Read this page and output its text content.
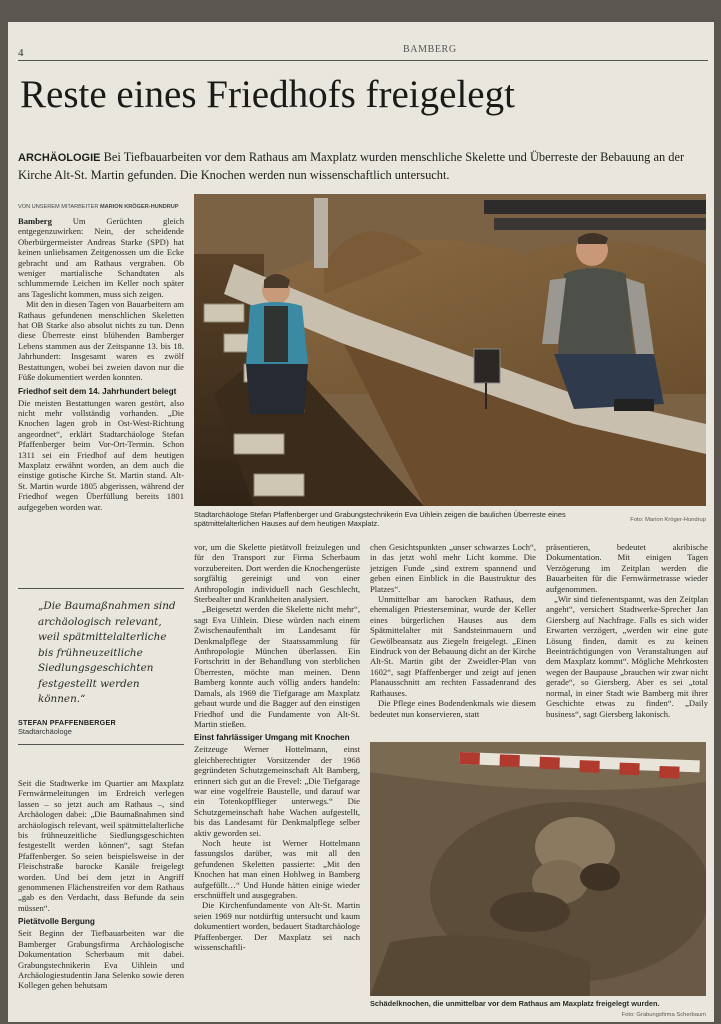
4	BAMBERG
Reste eines Friedhofs freigelegt

ARCHÄOLOGIE Bei Tiefbauarbeiten vor dem Rathaus am Maxplatz wurden menschliche Skelette und Überreste der Bebauung an der Kirche Alt-St. Martin gefunden. Die Knochen werden nun wissenschaftlich untersucht.

VON UNSEREM MITARBEITER MARION KRÖGER-HUNDRUP

Bamberg Um Gerüchten gleich entgegenzuwirken: Nein, der scheidende Oberbürgermeister Andreas Starke (SPD) hat keinen unliebsamen Zeitgenossen um die Ecke gebracht und am Rathaus vergraben. Ob weniger martialische Schandtaten als schlummernde Leichen im Keller noch später ans Tageslicht kommen, muss sich zeigen.

Mit den in diesen Tagen von Bauarbeitern am Rathaus gefundenen menschlichen Skeletten hat OB Starke also absolut nichts zu tun. Denn diese Überreste einst blühenden Bamberger Lebens stammen aus der Zeitspanne 13. bis 18. Jahrhundert: Insgesamt waren es zwölf Bestattungen, wobei bei zweien davon nur die Füße dokumentiert werden konnten.

Friedhof seit dem 14. Jahrhundert belegt

Die meisten Bestattungen waren gestört, also nicht mehr vollständig vorhanden. „Die Knochen lagen grob in Ost-West-Richtung angeordnet“, erklärt Stadtarchäologe Stefan Pfaffenberger beim Vor-Ort-Termin. Schon 1311 sei ein Friedhof auf dem heutigen Maxplatz erwähnt worden, an dem auch die einstige gotische Kirche St. Martin stand. Alt-St. Martin wurde 1805 abgerissen, während der Friedhof wegen Überfüllung bereits 1801 aufgegeben worden war.

Stadtarchäologe Stefan Pfaffenberger und Grabungstechnikerin Eva Uihlein zeigen die baulichen Überreste eines spätmittelalterlichen Hauses auf dem heutigen Maxplatz.	Foto: Marion Kröger-Hundrup

„Die Baumaßnahmen sind archäologisch relevant, weil spätmittelalterliche bis frühneuzeitliche Siedlungsgeschichten festgestellt werden können.“

STEFAN PFAFFENBERGER
Stadtarchäologe

Seit die Stadtwerke im Quartier am Maxplatz Fernwärmeleitungen im Erdreich verlegen lassen – so jetzt auch am Rathaus –, sind Archäologen dabei: „Die Baumaßnahmen sind archäologisch relevant, weil spätmittelalterliche bis frühneuzeitliche Siedlungsgeschichten festgestellt werden können“, sagt Stefan Pfaffenberger. So seien beispielsweise in der Fleischstraße barocke Kanäle freigelegt worden. Und bei dem jetzt in Angriff genommenen Flächenstreifen vor dem Rathaus „gab es den Verdacht, dass Befunde da sein müssen“.

Pietätvolle Bergung

Seit Beginn der Tiefbauarbeiten war die Bamberger Grabungsfirma Archäologische Dokumentation Scherbaum mit dabei. Grabungstechnikerin Eva Uihlein und Archäologiestudentin Jana Selenko sowie deren Kollegen gehen behutsam

vor, um die Skelette pietätvoll freizulegen und für den Transport zur Firma Scherbaum vorzubereiten. Dort werden die Knochengerüste sorgfältig gereinigt und von einer Anthropologin individuell nach Geschlecht, Sterbealter und Krankheiten analysiert.

„Beigesetzt werden die Skelette nicht mehr“, sagt Eva Uihlein. Diese würden nach einem Zwischenaufenthalt im Landesamt für Denkmalpflege der Staatssammlung für Anthropologie München überlassen. Ein Fortschritt in der Behandlung von sterblichen Überresten, möchte man meinen. Denn Bamberg konnte auch völlig anders handeln: Damals, als 1969 die Tiefgarage am Maxplatz gebaut wurde und die Bagger auf den einstigen Friedhof und die Fundamente von Alt-St. Martin stießen.

Einst fahrlässiger Umgang mit Knochen

Zeitzeuge Werner Hottelmann, einst gleichberechtigter Vorsitzender der 1968 gegründeten Schutzgemeinschaft Alt Bamberg, erinnert sich gut an die Frevel: „Die Tiefgarage war eine vogelfreie Baustelle, und darauf war ein Totenkopfflieger unterwegs.“ Die Schutzgemeinschaft habe Wachen aufgestellt, bis das Landesamt für Denkmalpflege selber aktiv geworden sei.

Noch heute ist Werner Hottelmann fassungslos darüber, was mit all den gefundenen Skeletten passierte: „Mit den Knochen hat man einen Hohlweg in Bamberg aufgefüllt…“ Und Hunde hätten einige wieder erschnüffelt und ausgegraben.

Die Kirchenfundamente von Alt-St. Martin seien 1969 nur notdürftig untersucht und kaum dokumentiert worden, bedauert Stadtarchäologe Pfaffenberger. Der Maxplatz sei nach wissenschaftli-

chen Gesichtspunkten „unser schwarzes Loch“, in das jetzt wohl mehr Licht komme. Die jetzigen Funde „sind extrem spannend und geben einen Einblick in die Baustruktur des Platzes“.

Unmittelbar am barocken Rathaus, dem ehemaligen Priesterseminar, wurde der Keller eines bürgerlichen Hauses aus dem Spätmittelalter mit Sandsteinmauern und Gewölbeansatz aus Ziegeln freigelegt. „Einen Eindruck von der Bebauung dicht an der Kirche Alt-St. Martin gibt der Zweidler-Plan von 1602“, sagt Pfaffenberger und zeigt auf jenen Planausschnitt am rechten Fassadenrand des Rathauses.

Die Pflege eines Bodendenkmals wie diesem bedeutet nun konservieren, statt

präsentieren, bedeutet akribische Dokumentation. Mit einigen Tagen Verzögerung im Zeitplan werden die Bauarbeiten für die Fernwärmetrasse wieder aufgenommen.

„Wir sind tiefenentspannt, was den Zeitplan angeht“, versichert Stadtwerke-Sprecher Jan Giersberg auf Nachfrage. Falls es sich wider Erwarten verzögert, „werden wir eine gute Lösung finden, damit es zu keinen Beeinträchtigungen von Veranstaltungen auf dem Maxplatz kommt“. Mögliche Mehrkosten wegen der Baupause „brauchen wir zwar nicht gerade“, so Giersberg. Aber es sei „total normal, in einer Stadt wie Bamberg mit ihrer Geschichte etwas zu finden“. „Daily business“, sagt Giersberg lakonisch.

Schädelknochen, die unmittelbar vor dem Rathaus am Maxplatz freigelegt wurden.

Foto: Grabungsfirma Scherbaum
